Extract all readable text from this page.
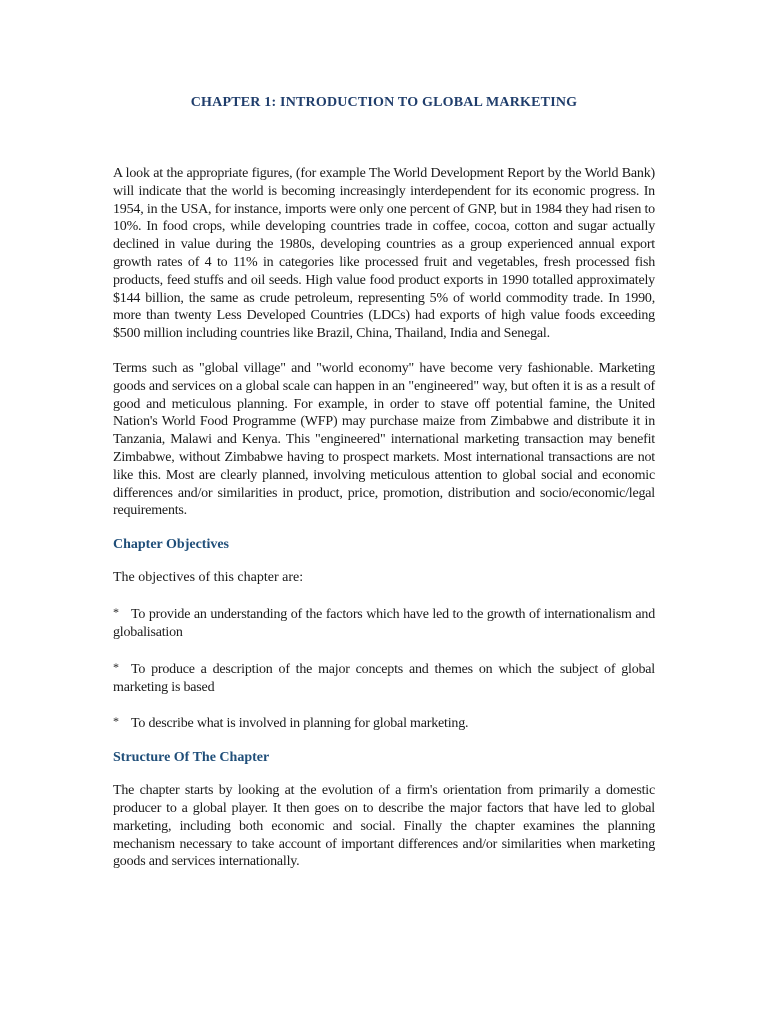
CHAPTER 1: INTRODUCTION TO GLOBAL MARKETING

A look at the appropriate figures, (for example The World Development Report by the World Bank) will indicate that the world is becoming increasingly interdependent for its economic progress. In 1954, in the USA, for instance, imports were only one percent of GNP, but in 1984 they had risen to 10%. In food crops, while developing countries trade in coffee, cocoa, cotton and sugar actually declined in value during the 1980s, developing countries as a group experienced annual export growth rates of 4 to 11% in categories like processed fruit and vegetables, fresh processed fish products, feed stuffs and oil seeds. High value food product exports in 1990 totalled approximately $144 billion, the same as crude petroleum, representing 5% of world commodity trade. In 1990, more than twenty Less Developed Countries (LDCs) had exports of high value foods exceeding $500 million including countries like Brazil, China, Thailand, India and Senegal.

Terms such as "global village" and "world economy" have become very fashionable. Marketing goods and services on a global scale can happen in an "engineered" way, but often it is as a result of good and meticulous planning. For example, in order to stave off potential famine, the United Nation's World Food Programme (WFP) may purchase maize from Zimbabwe and distribute it in Tanzania, Malawi and Kenya. This "engineered" international marketing transaction may benefit Zimbabwe, without Zimbabwe having to prospect markets. Most international transactions are not like this. Most are clearly planned, involving meticulous attention to global social and economic differences and/or similarities in product, price, promotion, distribution and socio/economic/legal requirements.

Chapter Objectives

The objectives of this chapter are:

* To provide an understanding of the factors which have led to the growth of internationalism and globalisation
* To produce a description of the major concepts and themes on which the subject of global marketing is based
* To describe what is involved in planning for global marketing.
Structure Of The Chapter

The chapter starts by looking at the evolution of a firm's orientation from primarily a domestic producer to a global player. It then goes on to describe the major factors that have led to global marketing, including both economic and social. Finally the chapter examines the planning mechanism necessary to take account of important differences and/or similarities when marketing goods and services internationally.
